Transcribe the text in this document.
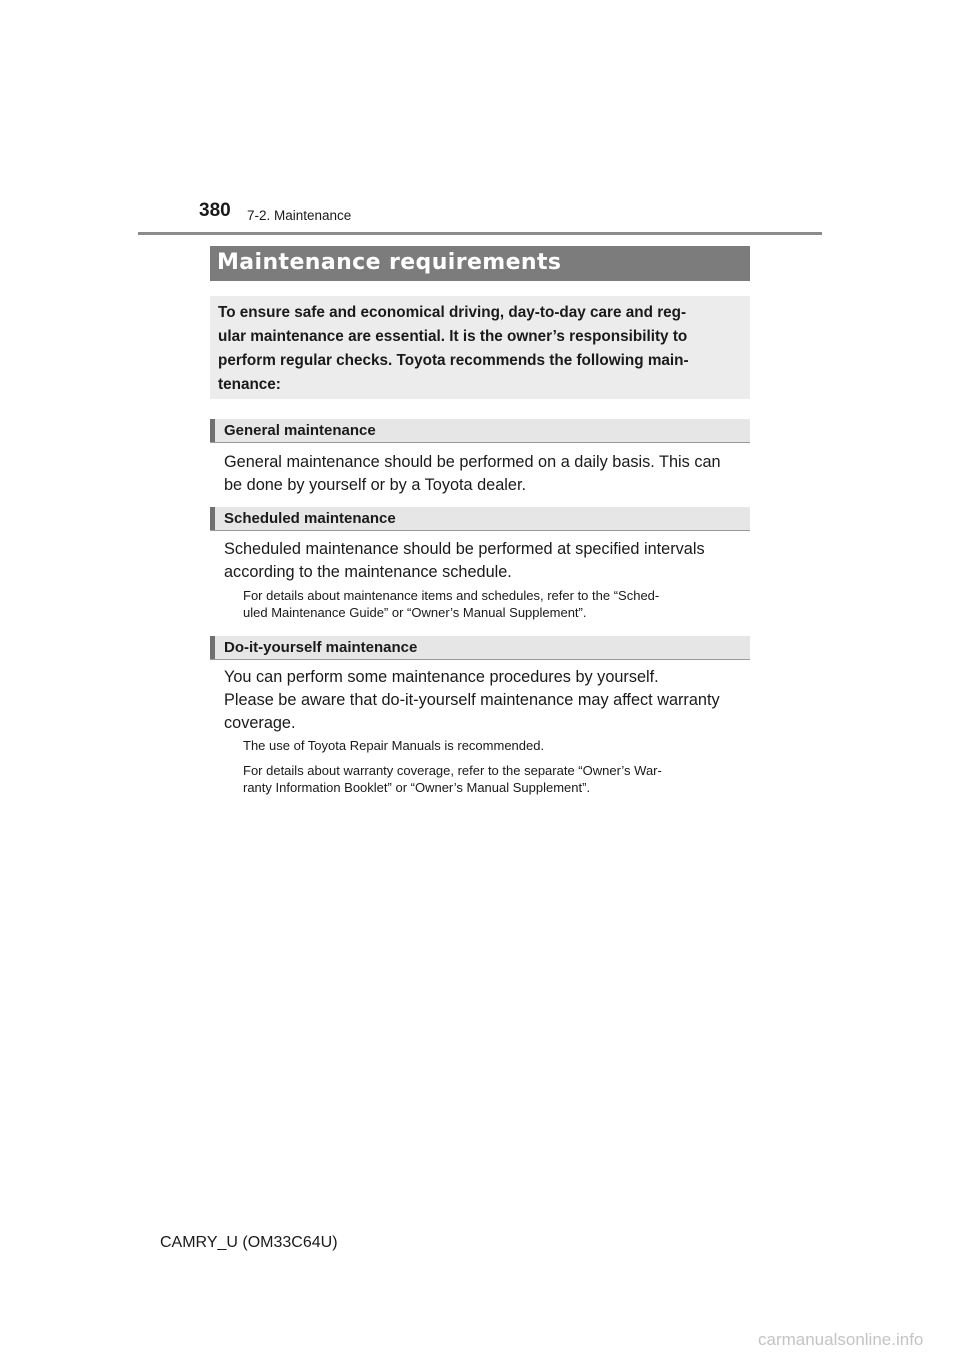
380 7-2. Maintenance
Maintenance requirements

To ensure safe and economical driving, day-to-day care and reg-
ular maintenance are essential. It is the owner’s responsibility to
perform regular checks. Toyota recommends the following main-
tenance:

General maintenance

General maintenance should be performed on a daily basis. This can
be done by yourself or by a Toyota dealer.

Scheduled maintenance

Scheduled maintenance should be performed at specified intervals
according to the maintenance schedule.

For details about maintenance items and schedules, refer to the “Sched-
uled Maintenance Guide” or “Owner’s Manual Supplement”.

Do-it-yourself maintenance

You can perform some maintenance procedures by yourself.
Please be aware that do-it-yourself maintenance may affect warranty
coverage.

The use of Toyota Repair Manuals is recommended.

For details about warranty coverage, refer to the separate “Owner’s War-
ranty Information Booklet” or “Owner’s Manual Supplement”.

CAMRY_U (OM33C64U)
carmanualsonline.info
